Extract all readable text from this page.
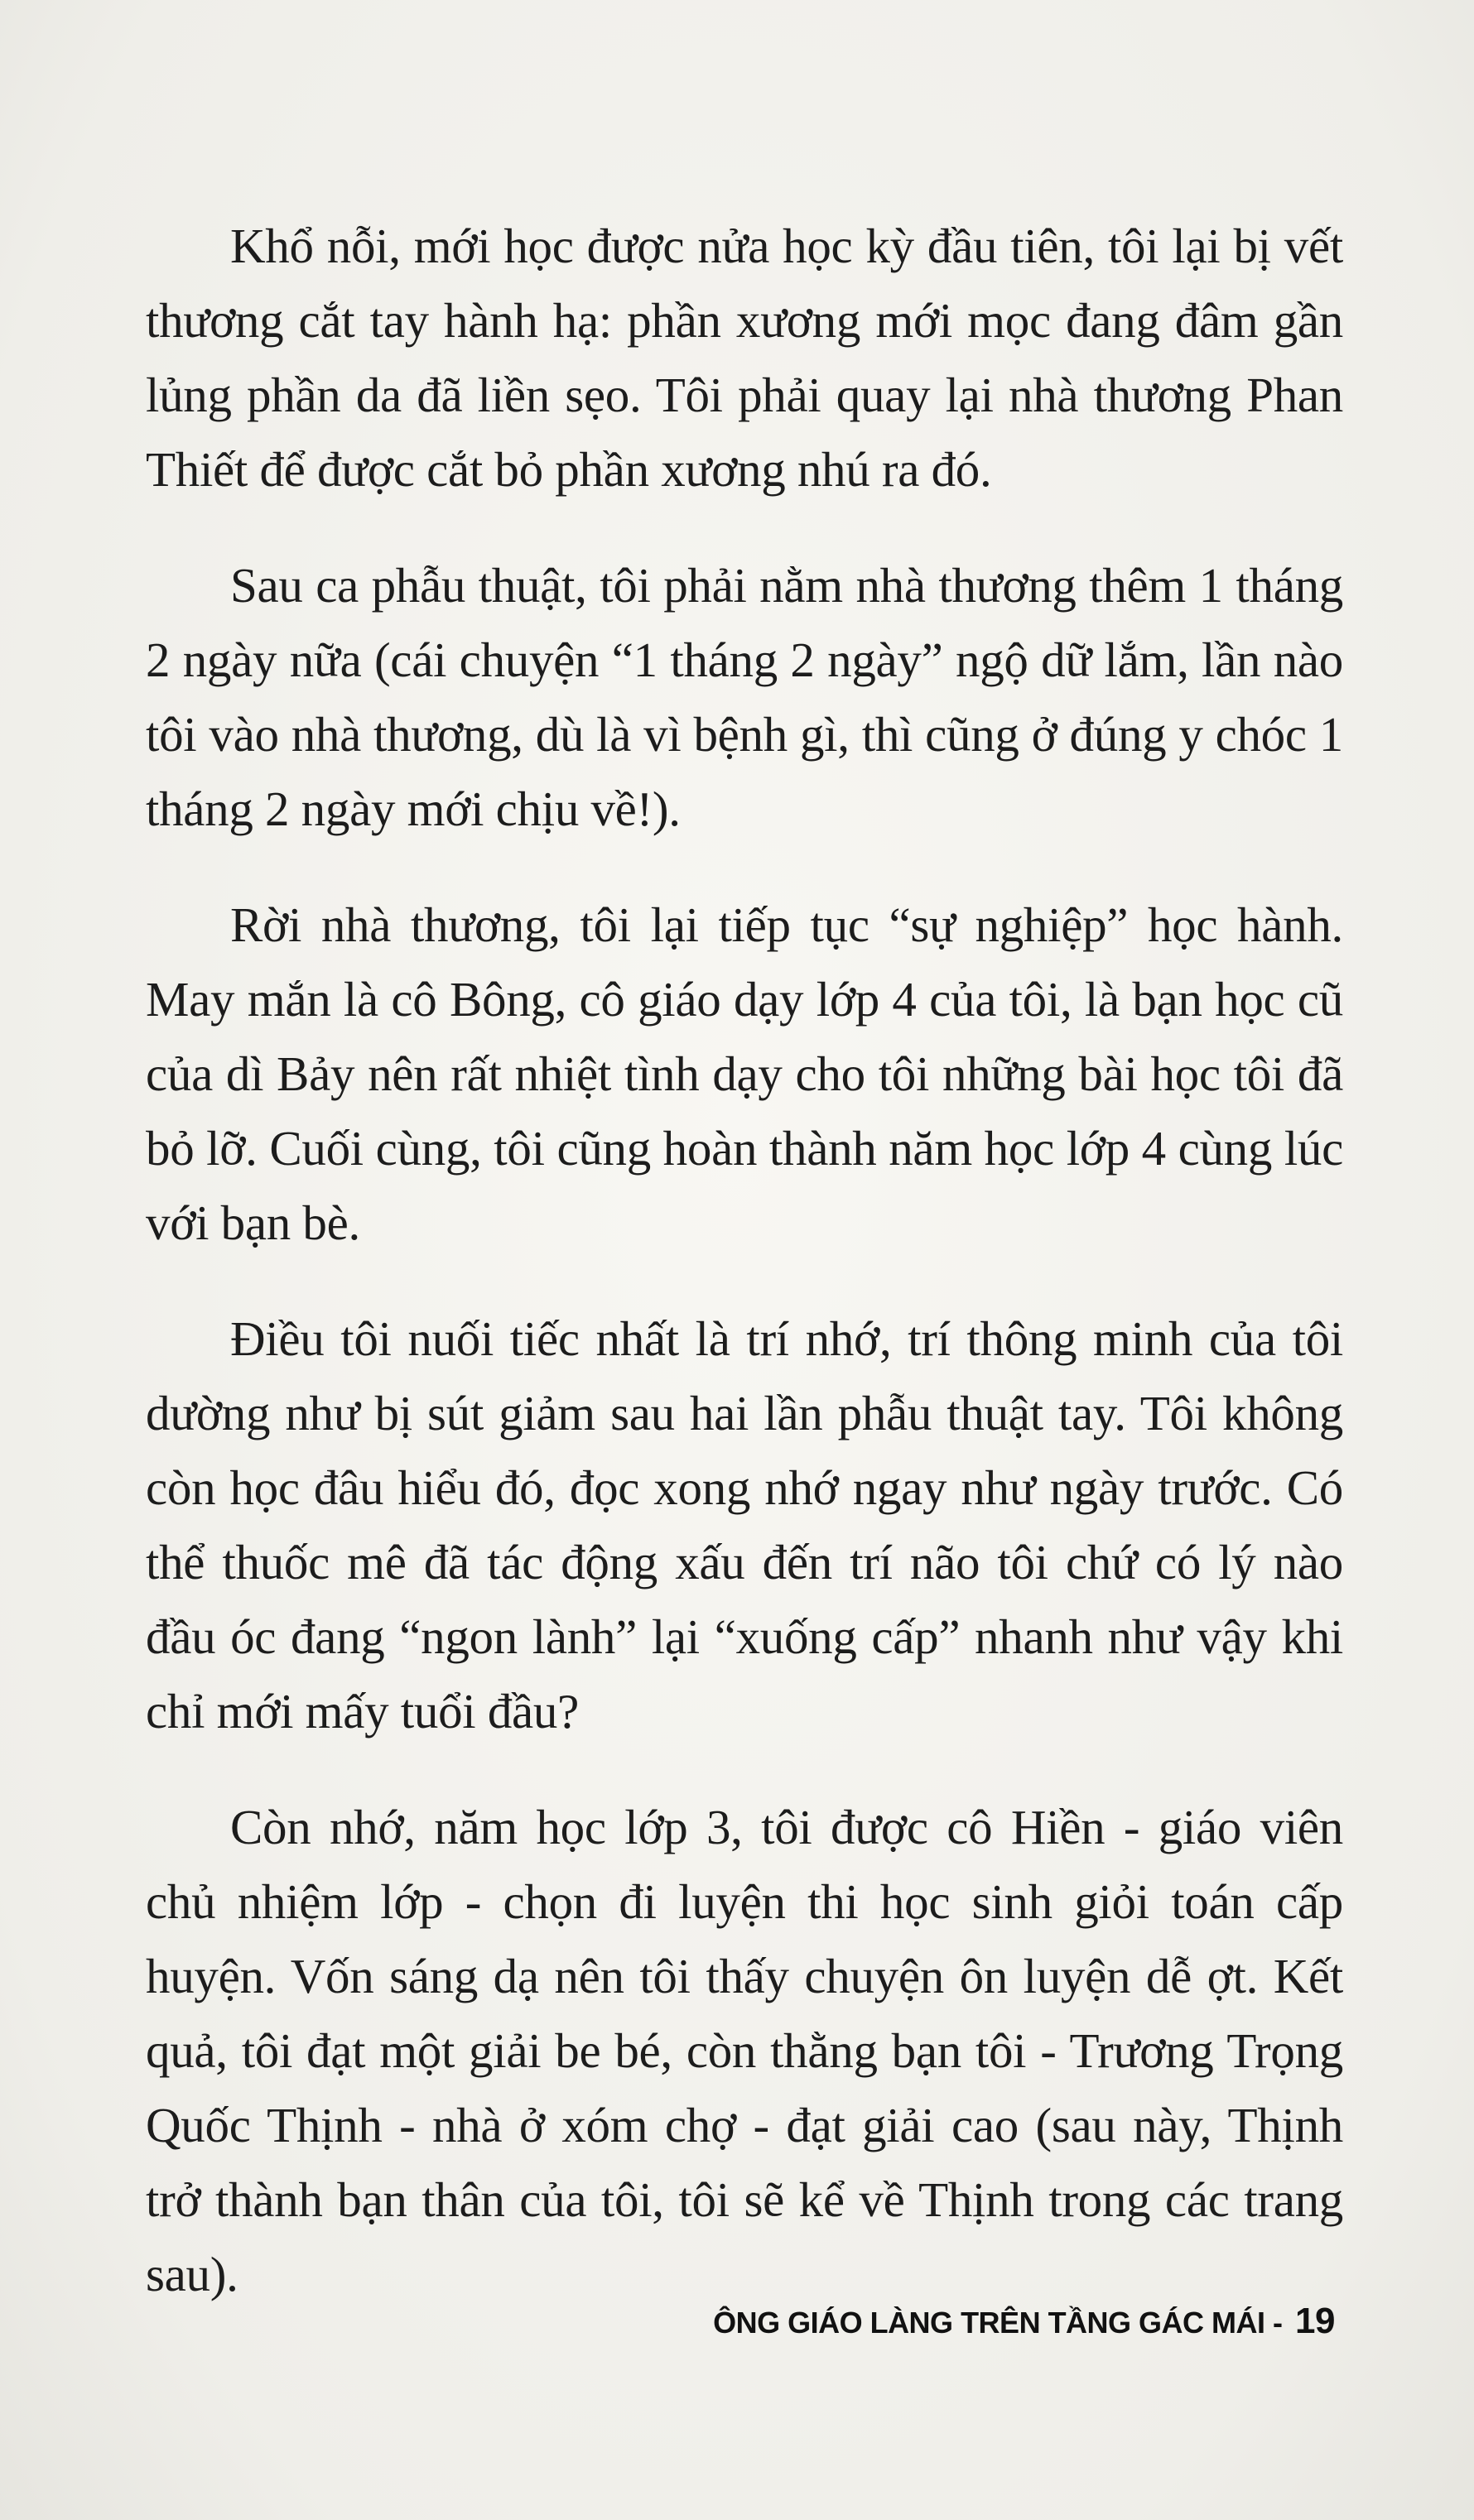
Khổ nỗi, mới học được nửa học kỳ đầu tiên, tôi lại bị vết thương cắt tay hành hạ: phần xương mới mọc đang đâm gần lủng phần da đã liền sẹo. Tôi phải quay lại nhà thương Phan Thiết để được cắt bỏ phần xương nhú ra đó.

Sau ca phẫu thuật, tôi phải nằm nhà thương thêm 1 tháng 2 ngày nữa (cái chuyện “1 tháng 2 ngày” ngộ dữ lắm, lần nào tôi vào nhà thương, dù là vì bệnh gì, thì cũng ở đúng y chóc 1 tháng 2 ngày mới chịu về!).

Rời nhà thương, tôi lại tiếp tục “sự nghiệp” học hành. May mắn là cô Bông, cô giáo dạy lớp 4 của tôi, là bạn học cũ của dì Bảy nên rất nhiệt tình dạy cho tôi những bài học tôi đã bỏ lỡ. Cuối cùng, tôi cũng hoàn thành năm học lớp 4 cùng lúc với bạn bè.

Điều tôi nuối tiếc nhất là trí nhớ, trí thông minh của tôi dường như bị sút giảm sau hai lần phẫu thuật tay. Tôi không còn học đâu hiểu đó, đọc xong nhớ ngay như ngày trước. Có thể thuốc mê đã tác động xấu đến trí não tôi chứ có lý nào đầu óc đang “ngon lành” lại “xuống cấp” nhanh như vậy khi chỉ mới mấy tuổi đầu?

Còn nhớ, năm học lớp 3, tôi được cô Hiền - giáo viên chủ nhiệm lớp - chọn đi luyện thi học sinh giỏi toán cấp huyện. Vốn sáng dạ nên tôi thấy chuyện ôn luyện dễ ợt. Kết quả, tôi đạt một giải be bé, còn thằng bạn tôi - Trương Trọng Quốc Thịnh - nhà ở xóm chợ - đạt giải cao (sau này, Thịnh trở thành bạn thân của tôi, tôi sẽ kể về Thịnh trong các trang sau).

ÔNG GIÁO LÀNG TRÊN TẦNG GÁC MÁI - 19
